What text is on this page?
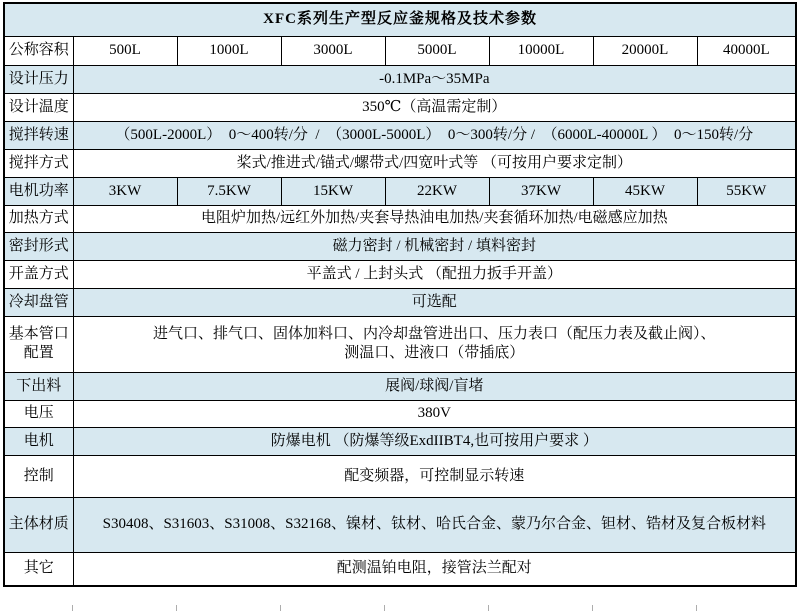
XFC系列生产型反应釜规格及技术参数							
公称容积	500L	1000L	3000L	5000L	10000L	20000L	40000L
设计压力	-0.1MPa～35MPa						
设计温度	350℃（高温需定制）						
搅拌转速	（500L-2000L）  0～400转/分  /  （3000L-5000L）  0～300转/分 /  （6000L-40000L ）  0～150转/分						
搅拌方式	桨式/推进式/锚式/螺带式/四宽叶式等 （可按用户要求定制）						
电机功率	3KW	7.5KW	15KW	22KW	37KW	45KW	55KW
加热方式	电阻炉加热/远红外加热/夹套导热油电加热/夹套循环加热/电磁感应加热						
密封形式	磁力密封 / 机械密封 / 填料密封						
开盖方式	平盖式 / 上封头式 （配扭力扳手开盖）						
冷却盘管	可选配						
基本管口配置	进气口、排气口、固体加料口、内冷却盘管进出口、压力表口（配压力表及截止阀）、
测温口、进液口（带插底）						

下出料	展阀/球阀/盲堵						
电压	380V						
电机	防爆电机 （防爆等级ExdIIBT4,也可按用户要求 ）						
控制	配变频器，可控制显示转速						
主体材质	S30408、S31603、S31008、S32168、镍材、钛材、哈氏合金、蒙乃尔合金、钽材、锆材及复合板材料						
其它	配测温铂电阻，接管法兰配对						
